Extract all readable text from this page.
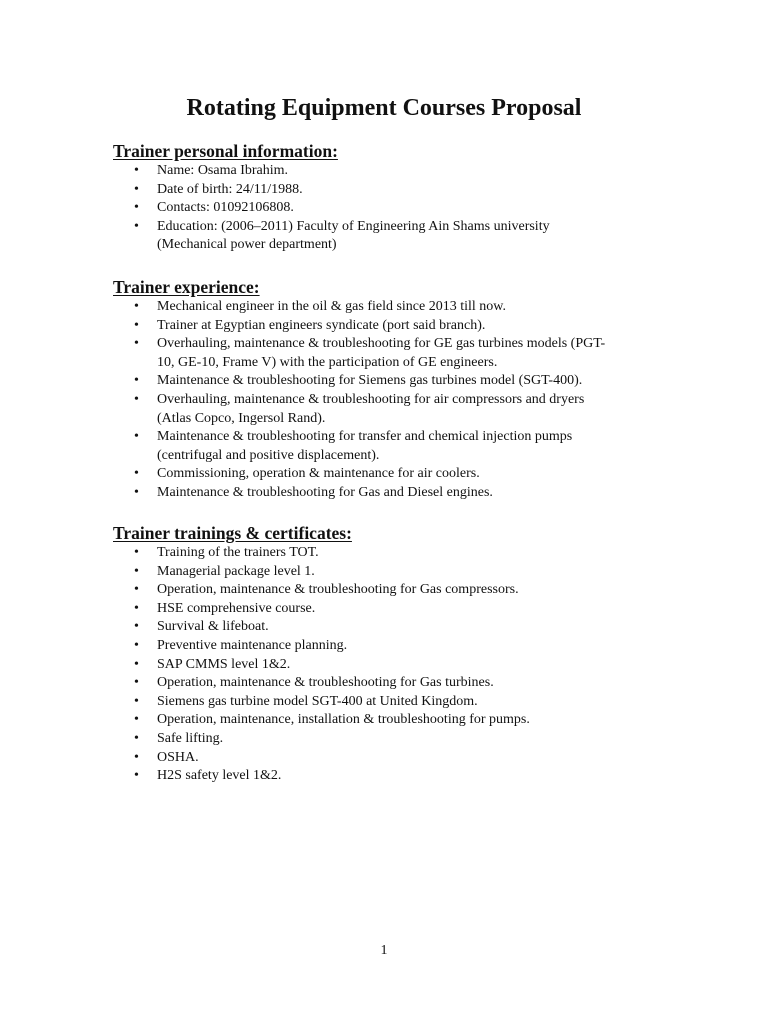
Rotating Equipment Courses Proposal
Trainer personal information:
• Name: Osama Ibrahim.
• Date of birth: 24/11/1988.
• Contacts: 01092106808.
• Education: (2006–2011) Faculty of Engineering Ain Shams university
(Mechanical power department)
Trainer experience:
• Mechanical engineer in the oil & gas field since 2013 till now.
• Trainer at Egyptian engineers syndicate (port said branch).
• Overhauling, maintenance & troubleshooting for GE gas turbines models (PGT-
10, GE-10, Frame V) with the participation of GE engineers.
• Maintenance & troubleshooting for Siemens gas turbines model (SGT-400).
• Overhauling, maintenance & troubleshooting for air compressors and dryers
(Atlas Copco, Ingersol Rand).
• Maintenance & troubleshooting for transfer and chemical injection pumps
(centrifugal and positive displacement).
• Commissioning, operation & maintenance for air coolers.
• Maintenance & troubleshooting for Gas and Diesel engines.
Trainer trainings & certificates:
• Training of the trainers TOT.
• Managerial package level 1.
• Operation, maintenance & troubleshooting for Gas compressors.
• HSE comprehensive course.
• Survival & lifeboat.
• Preventive maintenance planning.
• SAP CMMS level 1&2.
• Operation, maintenance & troubleshooting for Gas turbines.
• Siemens gas turbine model SGT-400 at United Kingdom.
• Operation, maintenance, installation & troubleshooting for pumps.
• Safe lifting.
• OSHA.
• H2S safety level 1&2.
1
